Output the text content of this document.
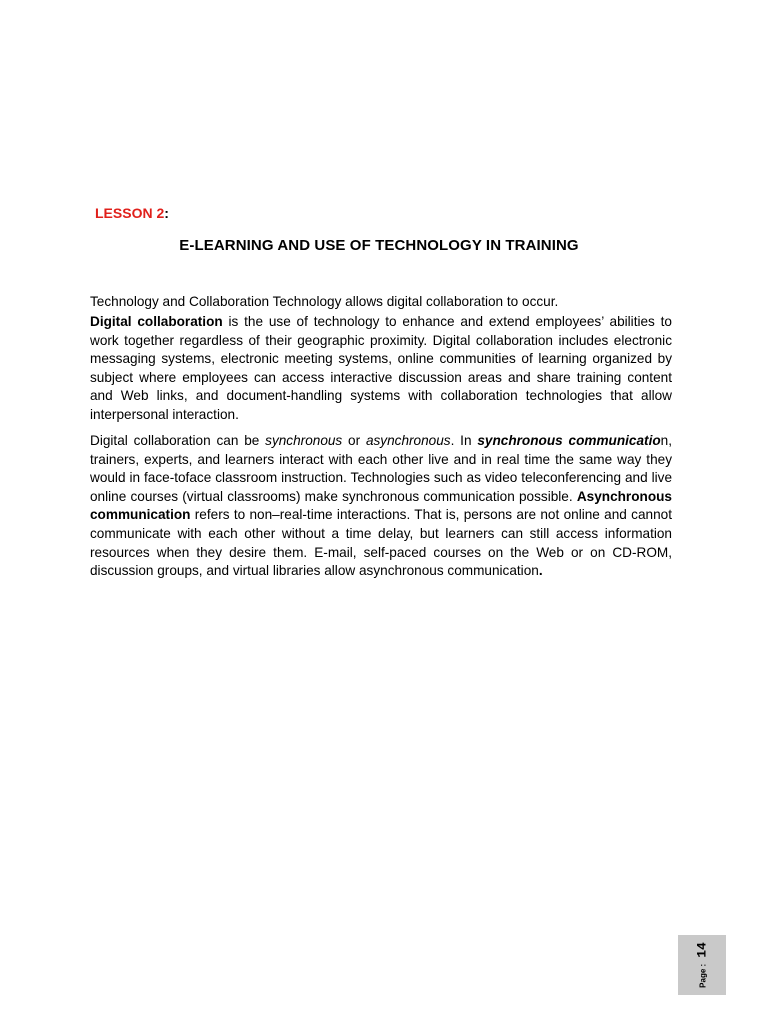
LESSON 2:
E-LEARNING AND USE OF TECHNOLOGY IN TRAINING

Technology and Collaboration Technology allows digital collaboration to occur.

Digital collaboration is the use of technology to enhance and extend employees’ abilities to work together regardless of their geographic proximity. Digital collaboration includes electronic messaging systems, electronic meeting systems, online communities of learning organized by subject where employees can access interactive discussion areas and share training content and Web links, and document-handling systems with collaboration technologies that allow interpersonal interaction.

Digital collaboration can be synchronous or asynchronous. In synchronous communication, trainers, experts, and learners interact with each other live and in real time the same way they would in face-toface classroom instruction. Technologies such as video teleconferencing and live online courses (virtual classrooms) make synchronous communication possible. Asynchronous communication refers to non–real-time interactions. That is, persons are not online and cannot communicate with each other without a time delay, but learners can still access information resources when they desire them. E-mail, self-paced courses on the Web or on CD-ROM, discussion groups, and virtual libraries allow asynchronous communication.

Page :
14
